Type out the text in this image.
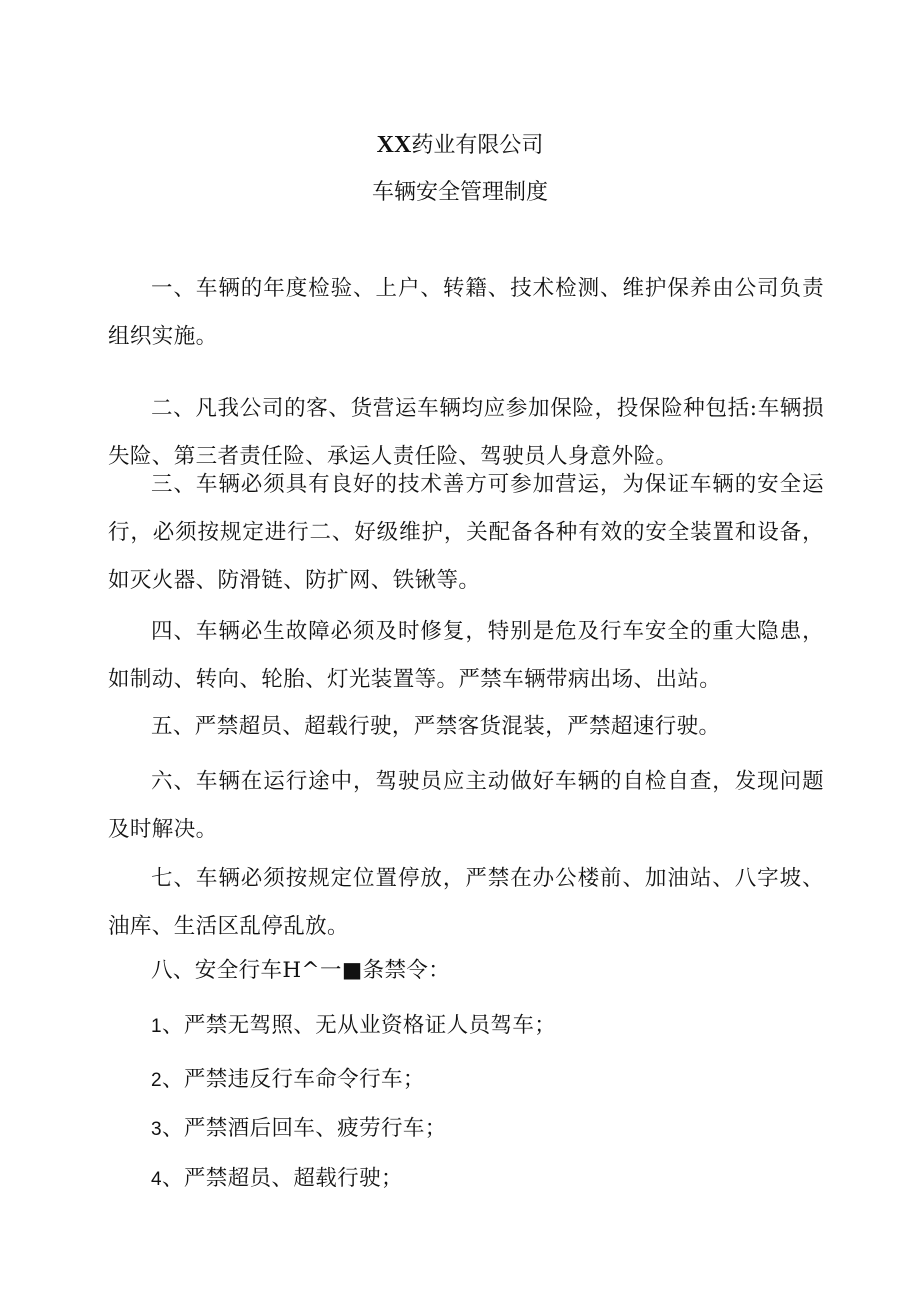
XX药业有限公司
车辆安全管理制度
一、车辆的年度检验、上户、转籍、技术检测、维护保养由公司负责组织实施。
二、凡我公司的客、货营运车辆均应参加保险，投保险种包括:车辆损失险、第三者责任险、承运人责任险、驾驶员人身意外险。
三、车辆必须具有良好的技术善方可参加营运，为保证车辆的安全运行，必须按规定进行二、好级维护，关配备各种有效的安全装置和设备，如灭火器、防滑链、防扩网、铁锹等。
四、车辆必生故障必须及时修复，特别是危及行车安全的重大隐患，如制动、转向、轮胎、灯光装置等。严禁车辆带病出场、出站。
五、严禁超员、超载行驶，严禁客货混装，严禁超速行驶。
六、车辆在运行途中，驾驶员应主动做好车辆的自检自查，发现问题及时解决。
七、车辆必须按规定位置停放，严禁在办公楼前、加油站、八字坡、油库、生活区乱停乱放。
八、安全行车H^一■条禁令：
1、严禁无驾照、无从业资格证人员驾车；
2、严禁违反行车命令行车；
3、严禁酒后回车、疲劳行车；
4、严禁超员、超载行驶；
